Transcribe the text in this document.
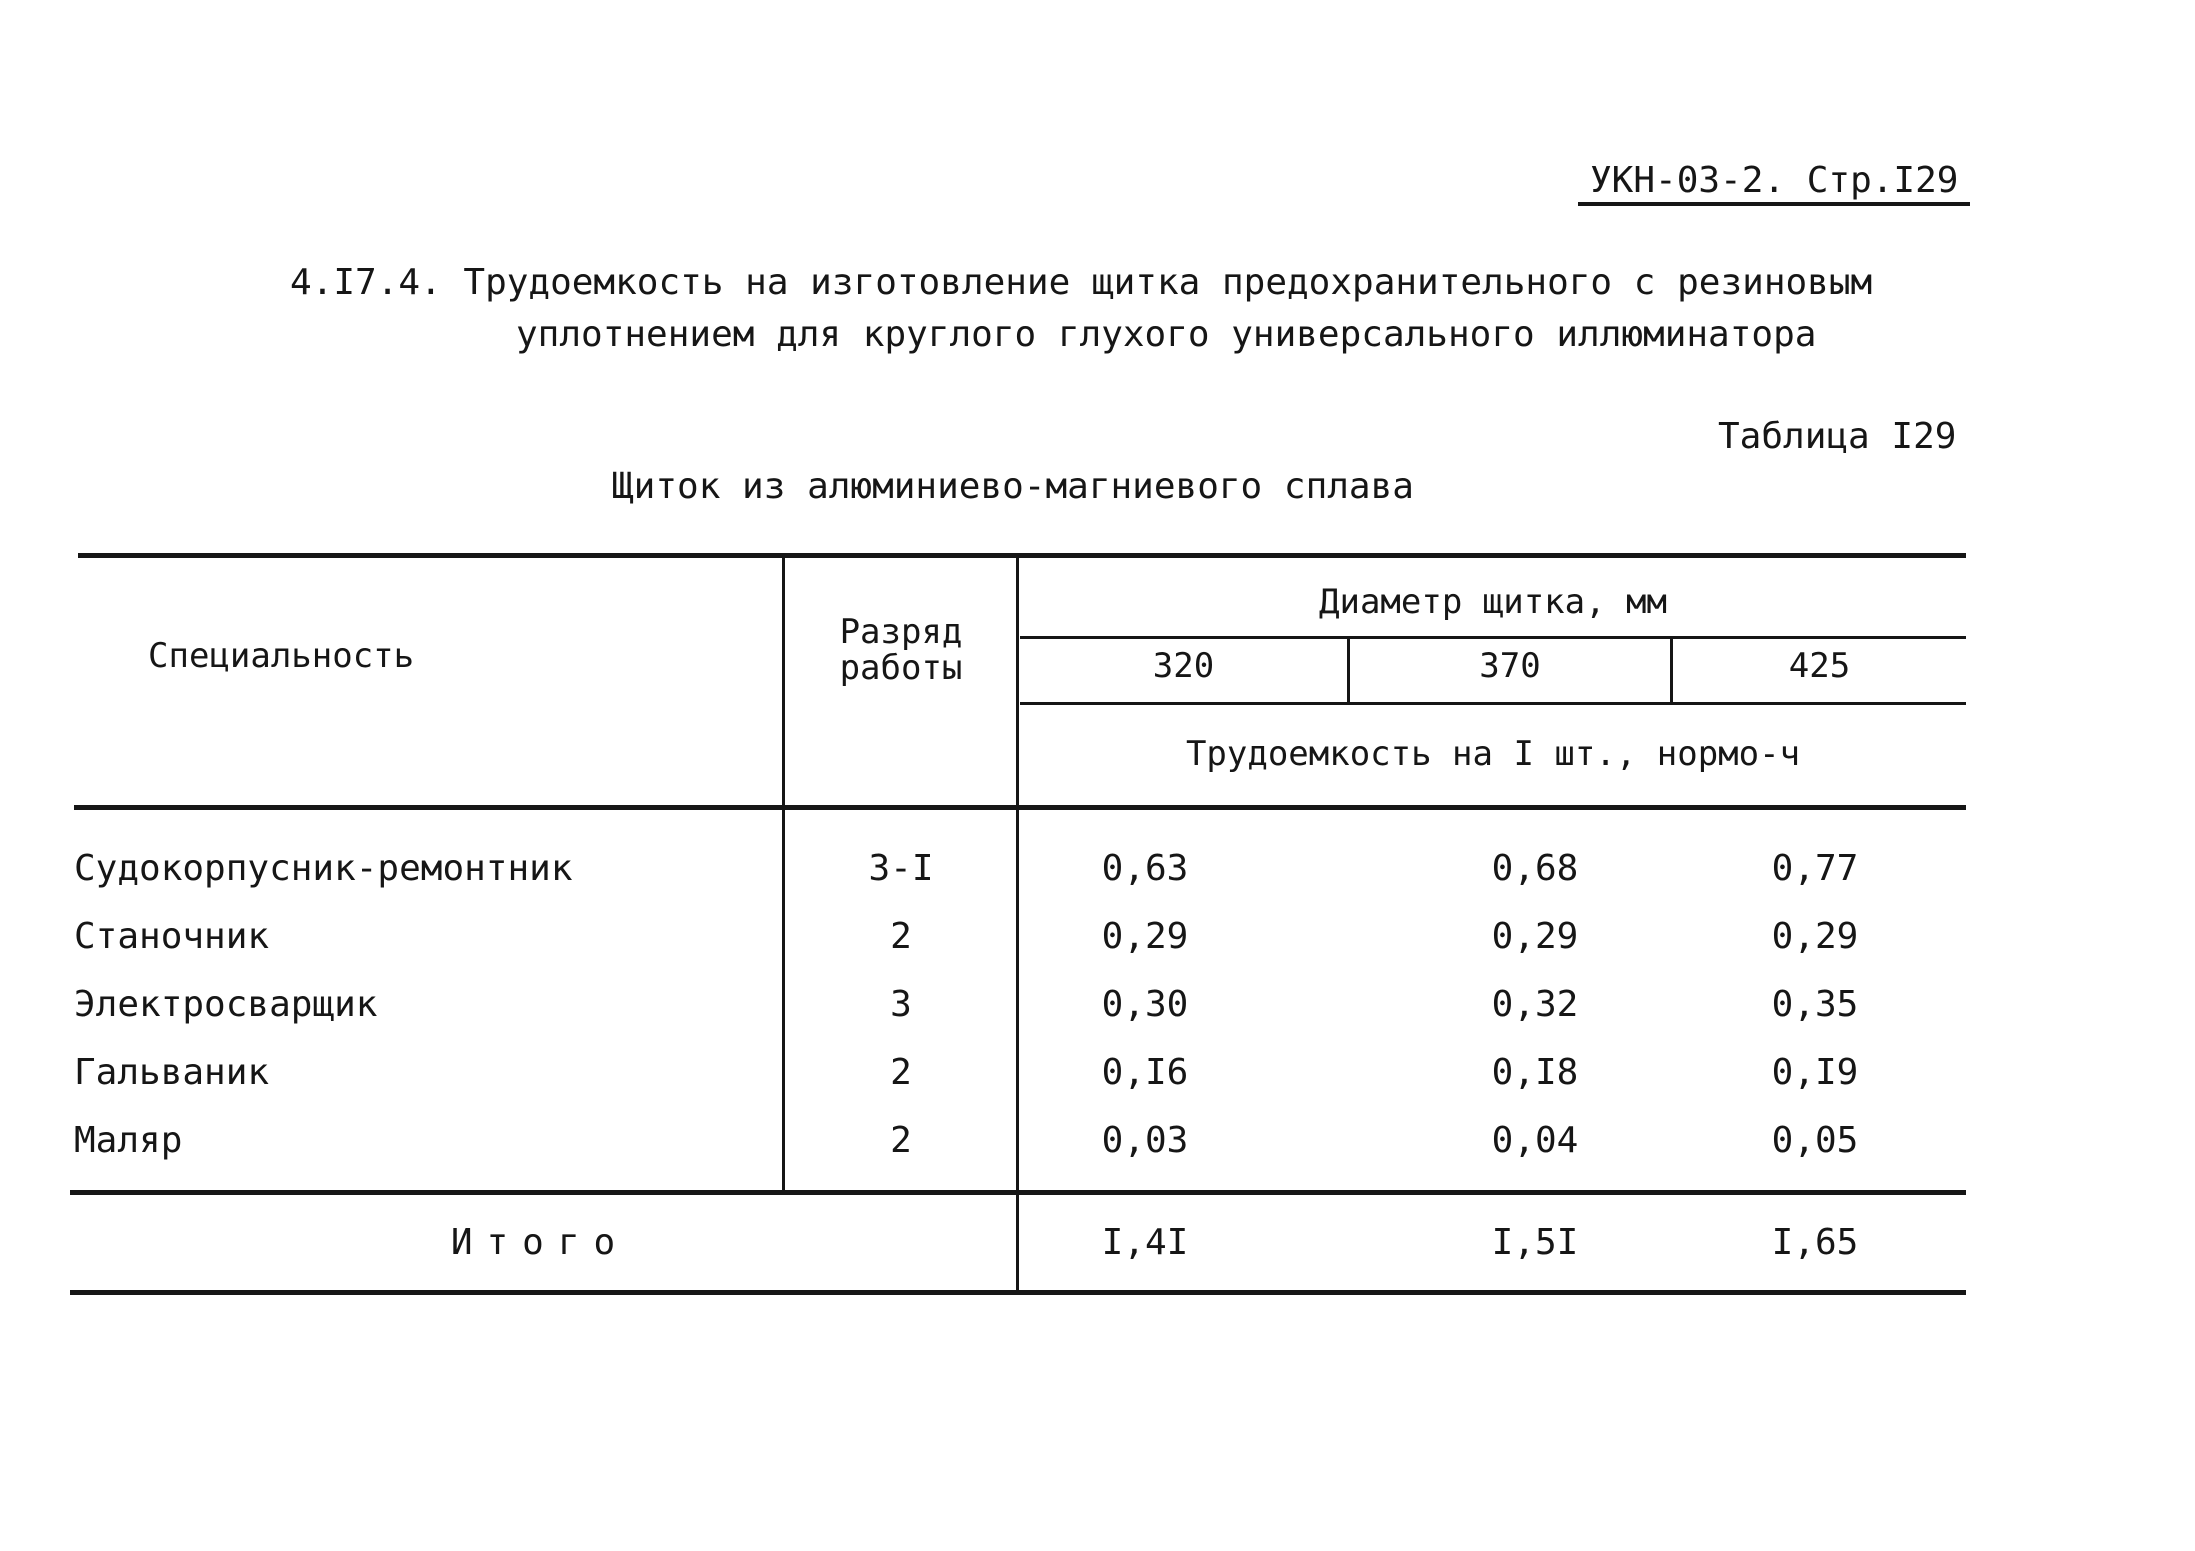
УКН-03-2. Стр.I29
4.I7.4. Трудоемкость на изготовление щитка предохранительного с резиновым
уплотнением для круглого глухого универсального иллюминатора
Таблица I29
Щиток из алюминиево-магниевого сплава
Специальность
Разряд
работы
Диаметр щитка, мм
320	370	425
Трудоемкость на I шт., нормо-ч
Судокорпусник-ремонтник	3-I	0,63	0,68	0,77
Станочник	2	0,29	0,29	0,29
Электросварщик	3	0,30	0,32	0,35
Гальваник	2	0,I6	0,I8	0,I9
Маляр	2	0,03	0,04	0,05
Итого	I,4I	I,5I	I,65
